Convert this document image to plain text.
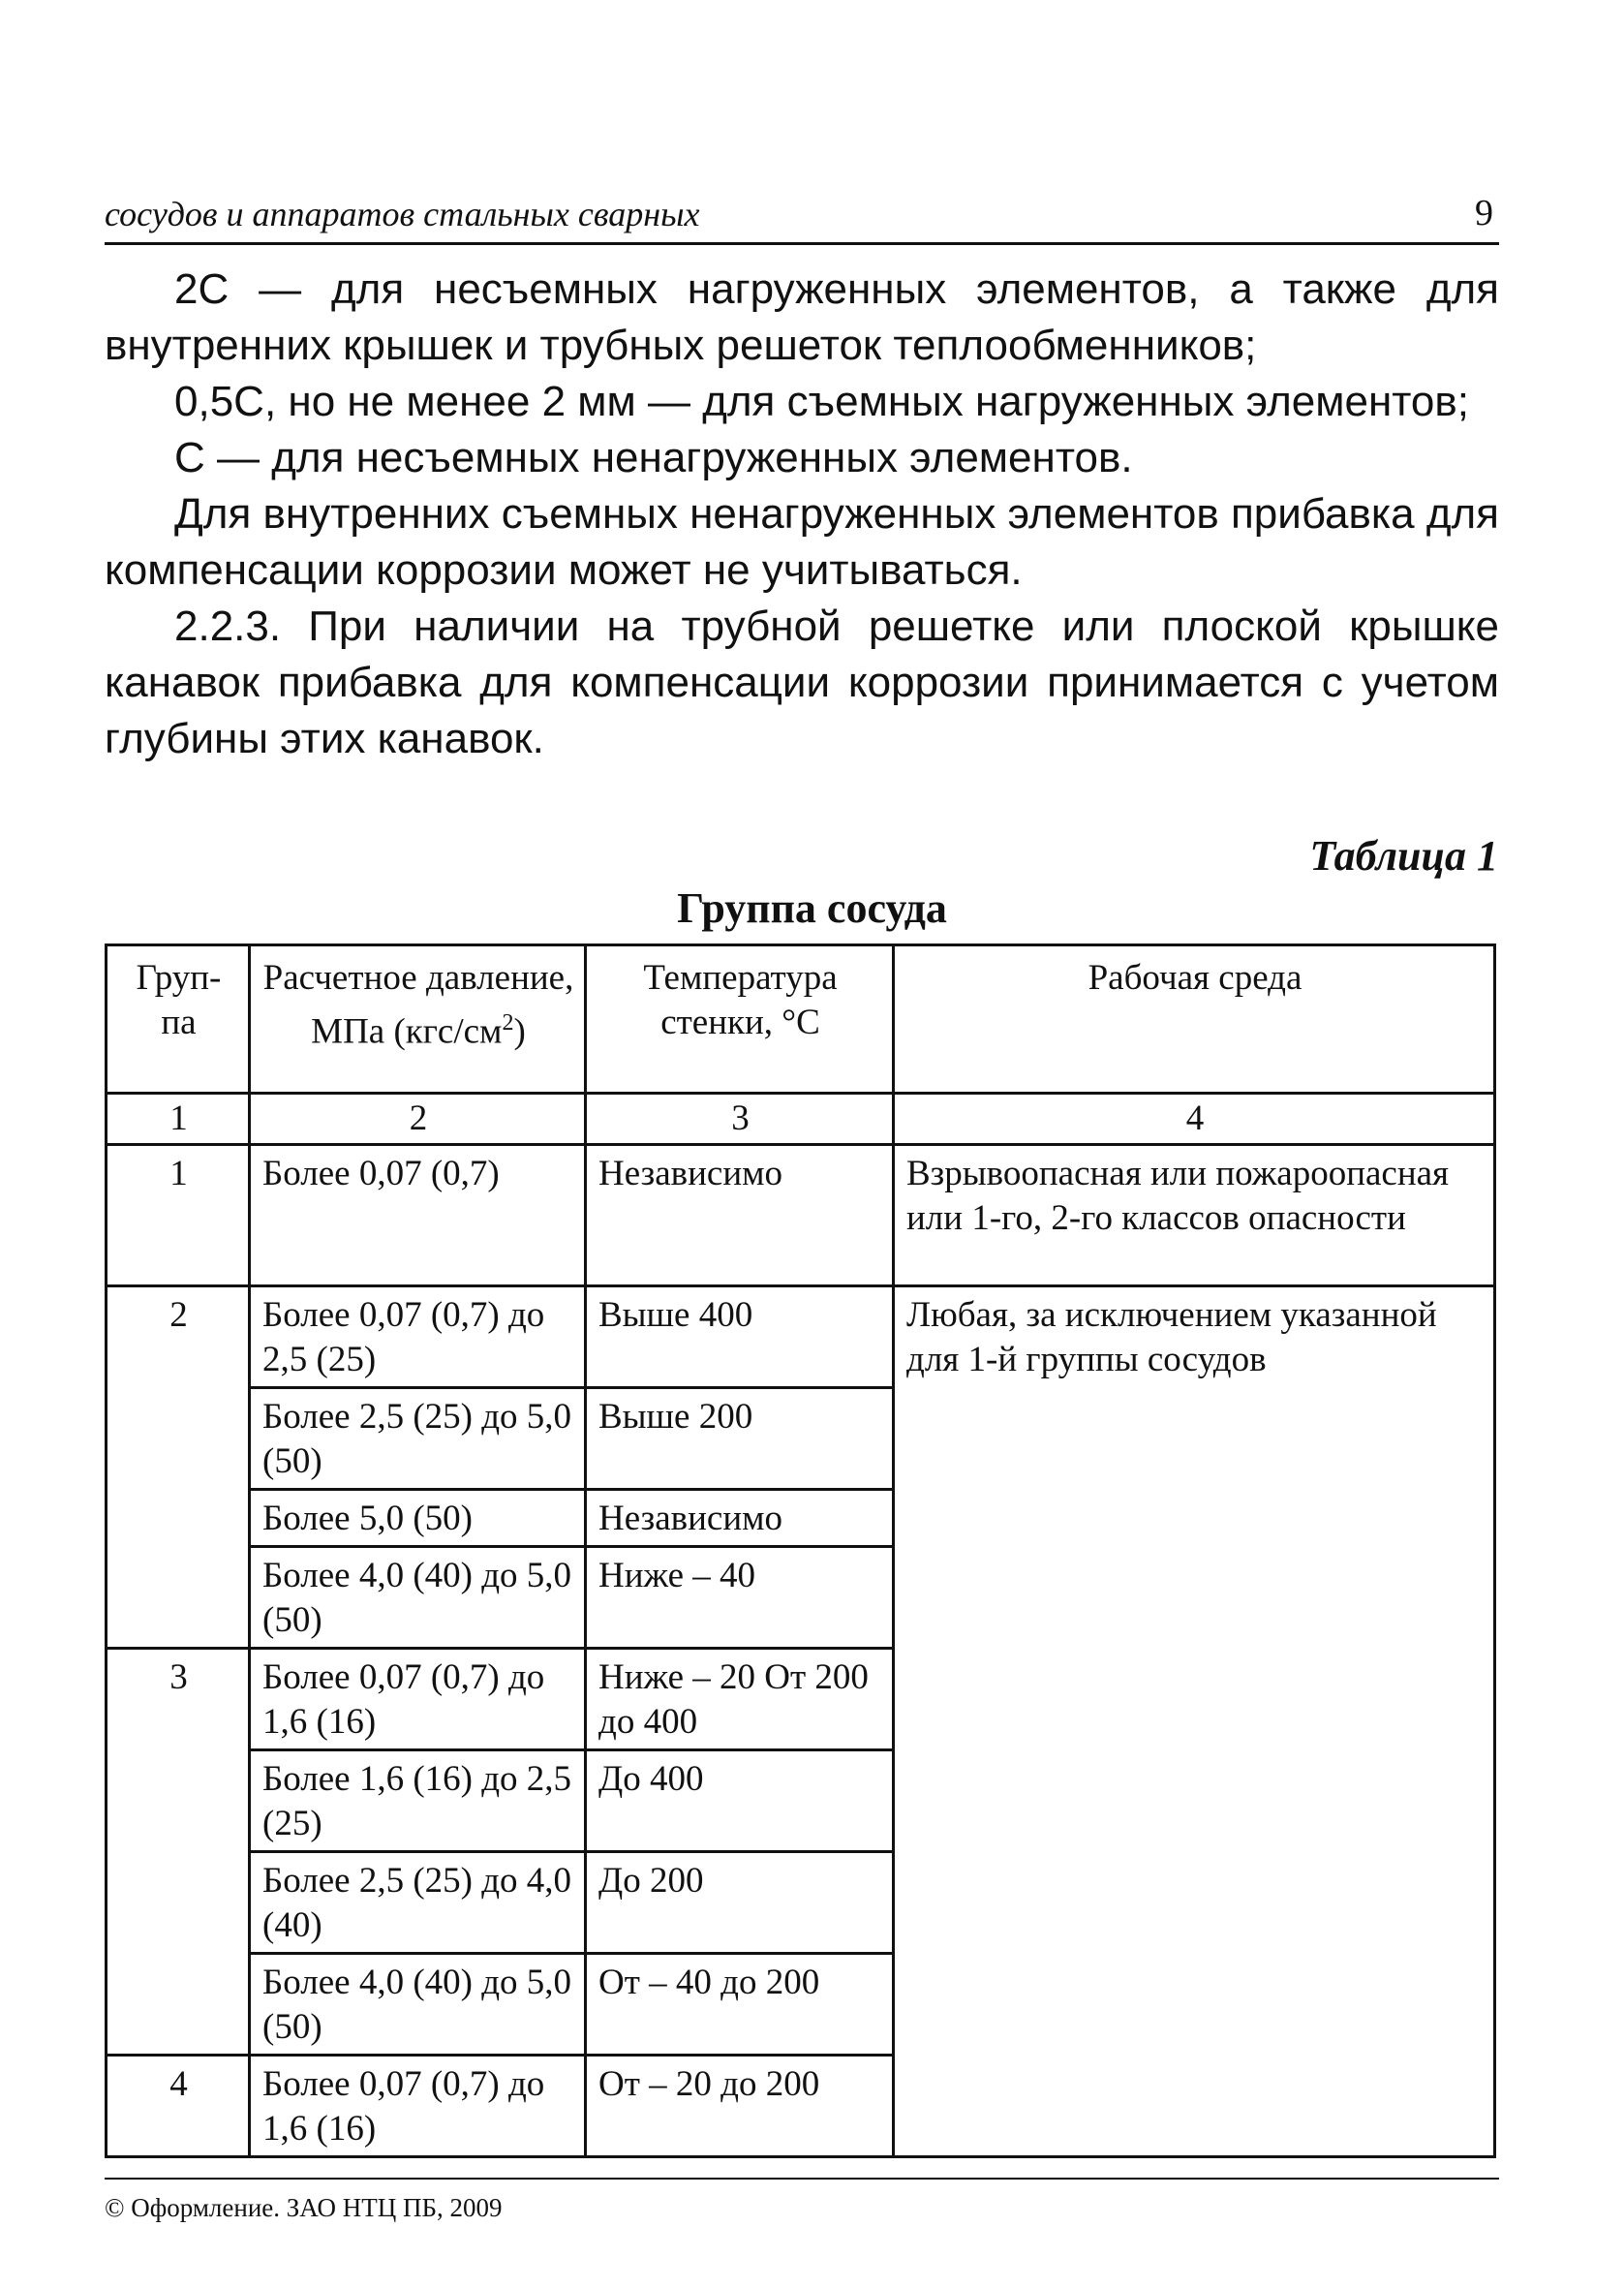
сосудов и аппаратов стальных сварных	9

2C — для несъемных нагруженных элементов, а также для внутренних крышек и трубных решеток теплообменников;

0,5C, но не менее 2 мм — для съемных нагруженных элементов;

C — для несъемных ненагруженных элементов.

Для внутренних съемных ненагруженных элементов прибавка для компенсации коррозии может не учитываться.

2.2.3. При наличии на трубной решетке или плоской крышке канавок прибавка для компенсации коррозии принимается с учетом глубины этих канавок.

Таблица 1
Группа сосуда
Груп-па	Расчетное давление, МПа $(кгс/см^2)$	Температура стенки, °С	Рабочая среда
1	2	3	4
1	Более 0,07 (0,7)	Независимо	Взрывоопасная или пожароопасная или 1-го, 2-го классов опасности
2	Более 0,07 (0,7) до 2,5 (25)	Выше 400	Любая, за исключением указанной для 1-й группы сосудов
	Более 2,5 (25) до 5,0 (50)	Выше 200	
	Более 5,0 (50)	Независимо	
	Более 4,0 (40) до 5,0 (50)	Ниже – 40	
3	Более 0,07 (0,7) до 1,6 (16)	Ниже – 20 От 200 до 400	
	Более 1,6 (16) до 2,5 (25)	До 400	
	Более 2,5 (25) до 4,0 (40)	До 200	
	Более 4,0 (40) до 5,0 (50)	От – 40 до 200	
4	Более 0,07 (0,7) до 1,6 (16)	От – 20 до 200	
© Оформление. ЗАО НТЦ ПБ, 2009
